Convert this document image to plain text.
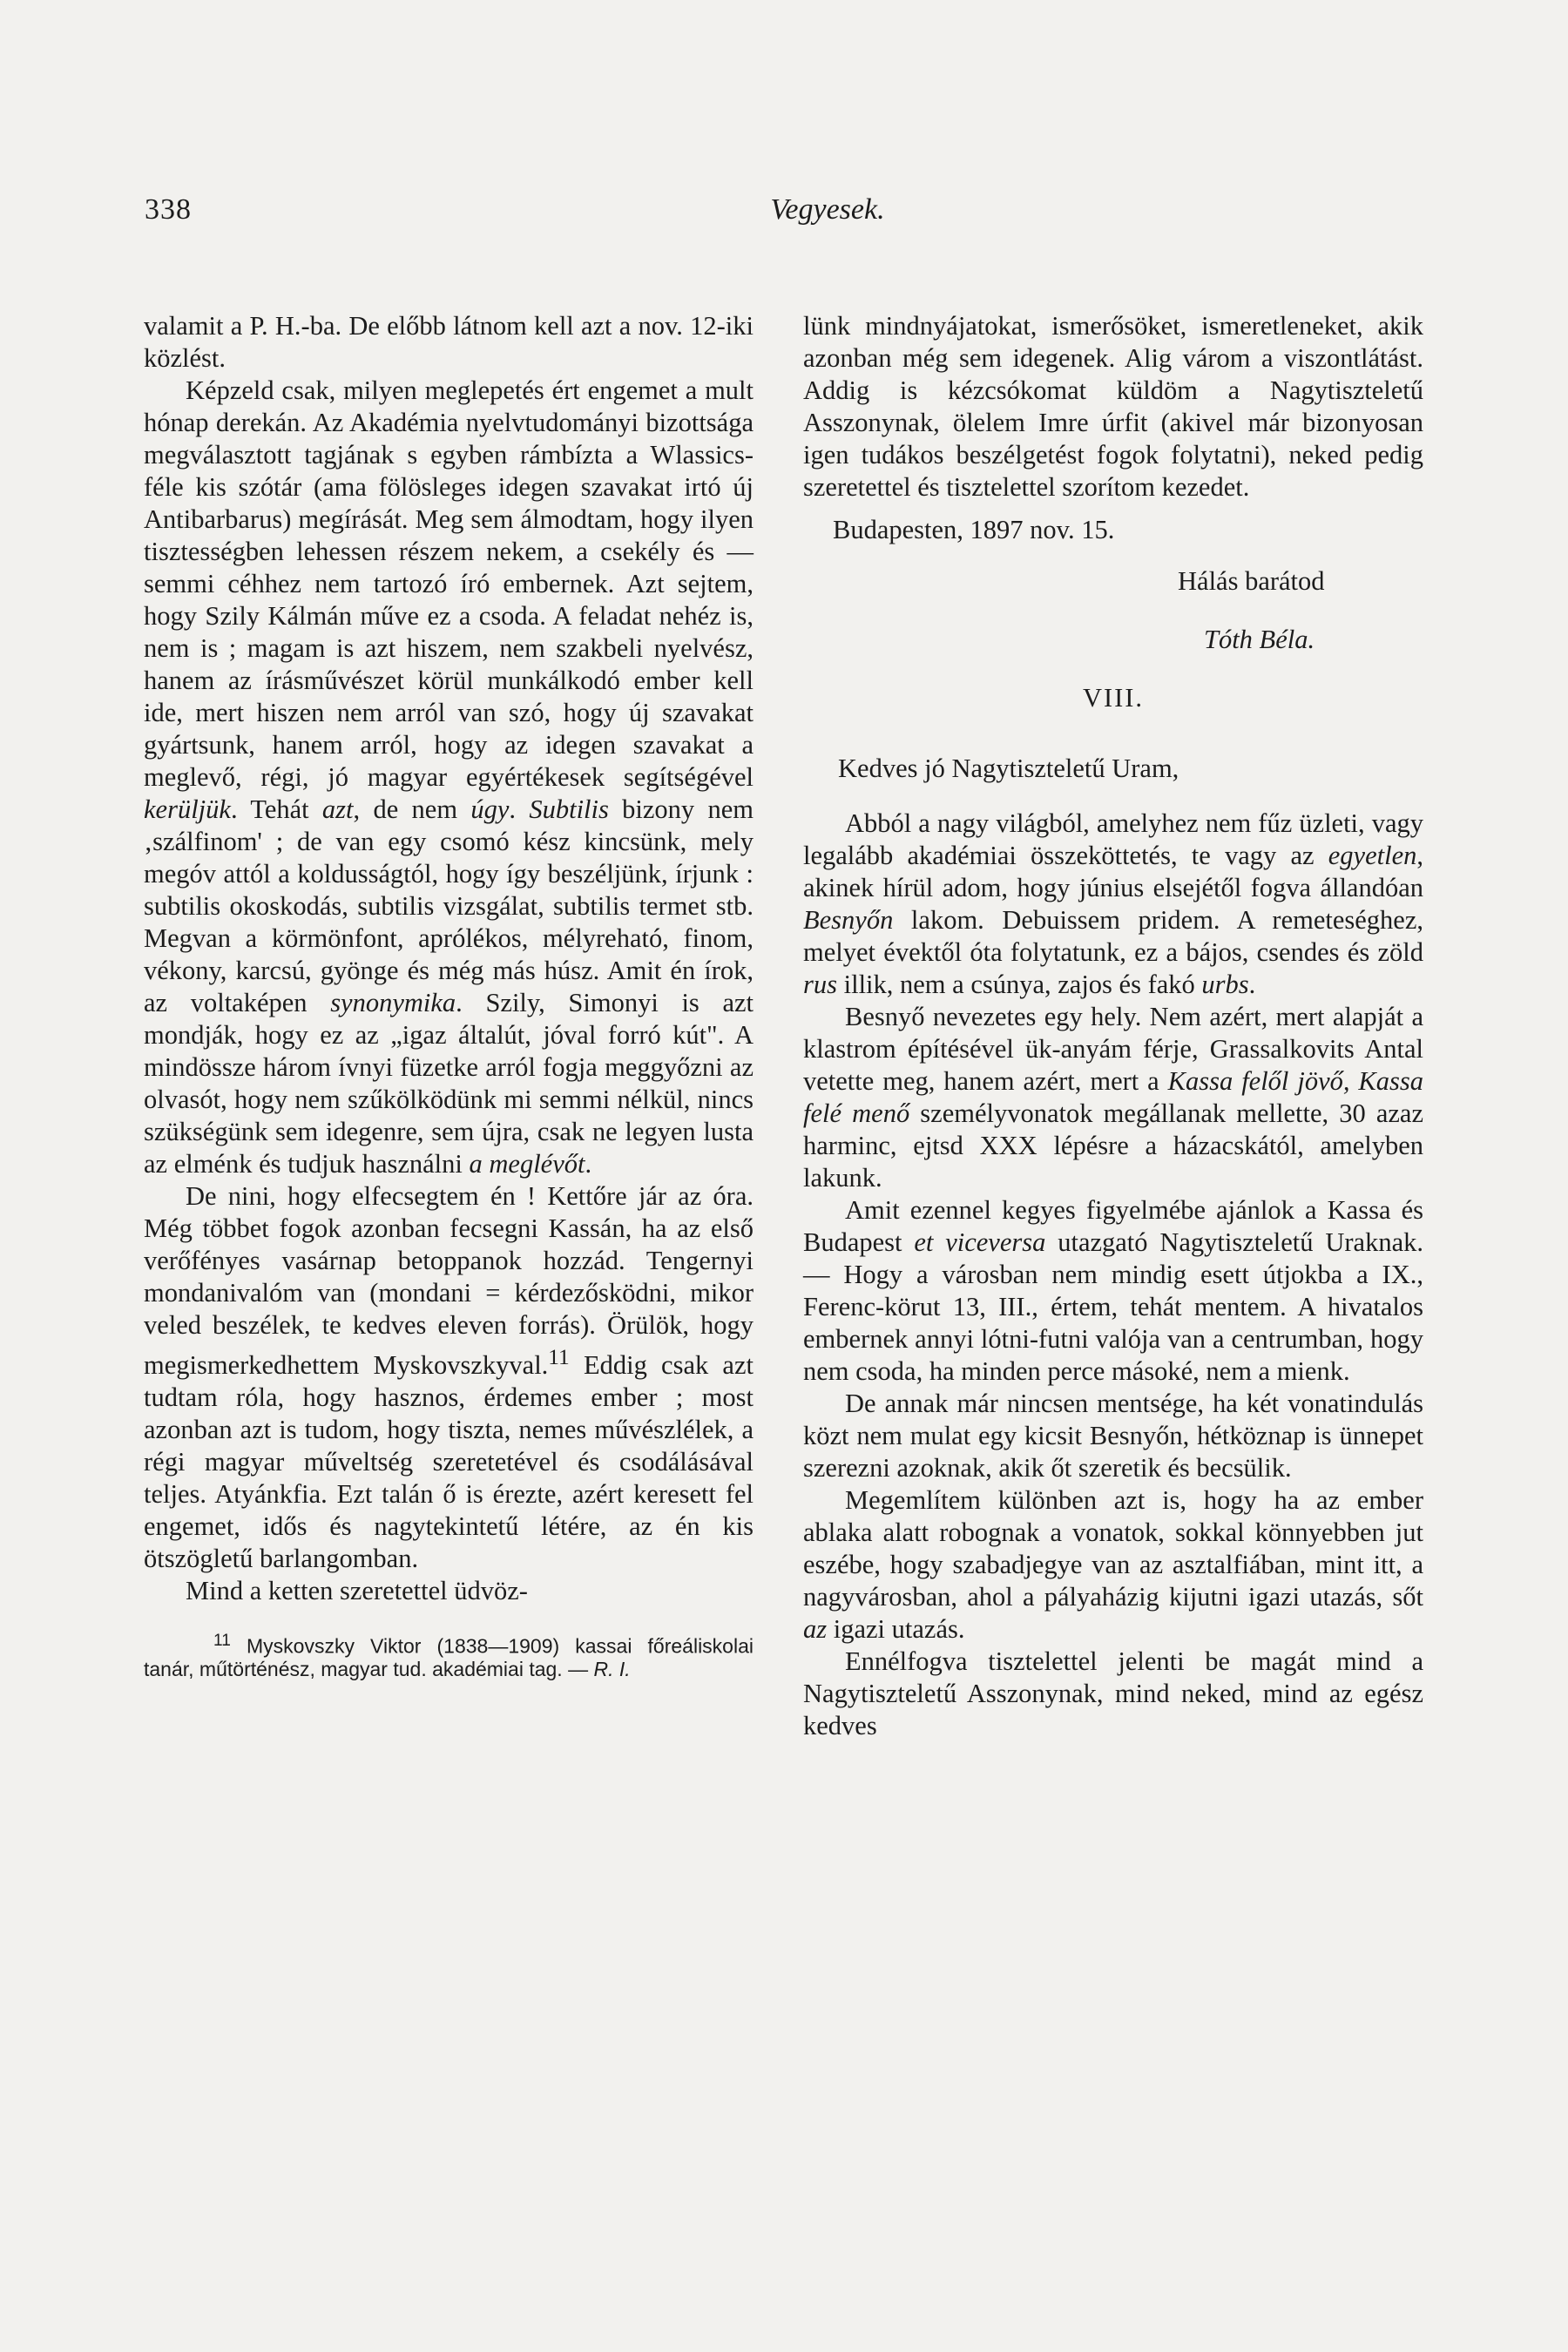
338	Vegyesek.

valamit a P. H.-ba. De előbb látnom kell azt a nov. 12-iki közlést.

Képzeld csak, milyen meglepetés ért engemet a mult hónap derekán. Az Akadémia nyelvtudományi bizottsága megválasztott tagjának s egyben rámbízta a Wlassics-féle kis szótár (ama fölösleges idegen szavakat irtó új Antibarbarus) megírását. Meg sem álmodtam, hogy ilyen tisztességben lehessen részem nekem, a csekély és — semmi céhhez nem tartozó író embernek. Azt sejtem, hogy Szily Kálmán műve ez a csoda. A feladat nehéz is, nem is ; magam is azt hiszem, nem szakbeli nyelvész, hanem az írásművészet körül munkálkodó ember kell ide, mert hiszen nem arról van szó, hogy új szavakat gyártsunk, hanem arról, hogy az idegen szavakat a meglevő, régi, jó magyar egyértékesek segítségével kerüljük. Tehát azt, de nem úgy. Subtilis bizony nem ‚szálfinom' ; de van egy csomó kész kincsünk, mely megóv attól a koldusságtól, hogy így beszéljünk, írjunk : subtilis okoskodás, subtilis vizsgálat, subtilis termet stb. Megvan a körmönfont, aprólékos, mélyreható, finom, vékony, karcsú, gyönge és még más húsz. Amit én írok, az voltaképen synonymika. Szily, Simonyi is azt mondják, hogy ez az „igaz általút, jóval forró kút". A mindössze három ívnyi füzetke arról fogja meggyőzni az olvasót, hogy nem szűkölködünk mi semmi nélkül, nincs szükségünk sem idegenre, sem újra, csak ne legyen lusta az elménk és tudjuk használni a meglévőt.

De nini, hogy elfecsegtem én ! Kettőre jár az óra. Még többet fogok azonban fecsegni Kassán, ha az első verőfényes vasárnap betoppanok hozzád. Tengernyi mondanivalóm van (mondani = kérdezősködni, mikor veled beszélek, te kedves eleven forrás). Örülök, hogy megismerkedhettem Myskovszkyval.$^{11}$ Eddig csak azt tudtam róla, hogy hasznos, érdemes ember ; most azonban azt is tudom, hogy tiszta, nemes művészlélek, a régi magyar műveltség szeretetével és csodálásával teljes. Atyánkfia. Ezt talán ő is érezte, azért keresett fel engemet, idős és nagytekintetű létére, az én kis ötszögletű barlangomban.

Mind a ketten szeretettel üdvöz-

$^{11}$ Myskovszky Viktor (1838—1909) kassai főreáliskolai tanár, műtörténész, magyar tud. akadémiai tag. — R. I.

lünk mindnyájatokat, ismerősöket, ismeretleneket, akik azonban még sem idegenek. Alig várom a viszontlátást. Addig is kézcsókomat küldöm a Nagytiszteletű Asszonynak, ölelem Imre úrfit (akivel már bizonyosan igen tudákos beszélgetést fogok folytatni), neked pedig szeretettel és tisztelettel szorítom kezedet.

Budapesten, 1897 nov. 15.

Hálás barátod

Tóth Béla.

VIII.

Kedves jó Nagytiszteletű Uram,

Abból a nagy világból, amelyhez nem fűz üzleti, vagy legalább akadémiai összeköttetés, te vagy az egyetlen, akinek hírül adom, hogy június elsejétől fogva állandóan Besnyőn lakom. Debuissem pridem. A remeteséghez, melyet évektől óta folytatunk, ez a bájos, csendes és zöld rus illik, nem a csúnya, zajos és fakó urbs.

Besnyő nevezetes egy hely. Nem azért, mert alapját a klastrom építésével ük-anyám férje, Grassalkovits Antal vetette meg, hanem azért, mert a Kassa felől jövő, Kassa felé menő személyvonatok megállanak mellette, 30 azaz harminc, ejtsd XXX lépésre a házacskától, amelyben lakunk.

Amit ezennel kegyes figyelmébe ajánlok a Kassa és Budapest et viceversa utazgató Nagytiszteletű Uraknak. — Hogy a városban nem mindig esett útjokba a IX., Ferenc-körut 13, III., értem, tehát mentem. A hivatalos embernek annyi lótni-futni valója van a centrumban, hogy nem csoda, ha minden perce másoké, nem a mienk.

De annak már nincsen mentsége, ha két vonatindulás közt nem mulat egy kicsit Besnyőn, hétköznap is ünnepet szerezni azoknak, akik őt szeretik és becsülik.

Megemlítem különben azt is, hogy ha az ember ablaka alatt robognak a vonatok, sokkal könnyebben jut eszébe, hogy szabadjegye van az asztalfiában, mint itt, a nagyvárosban, ahol a pályaházig kijutni igazi utazás, sőt az igazi utazás.

Ennélfogva tisztelettel jelenti be magát mind a Nagytiszteletű Asszonynak, mind neked, mind az egész kedves
